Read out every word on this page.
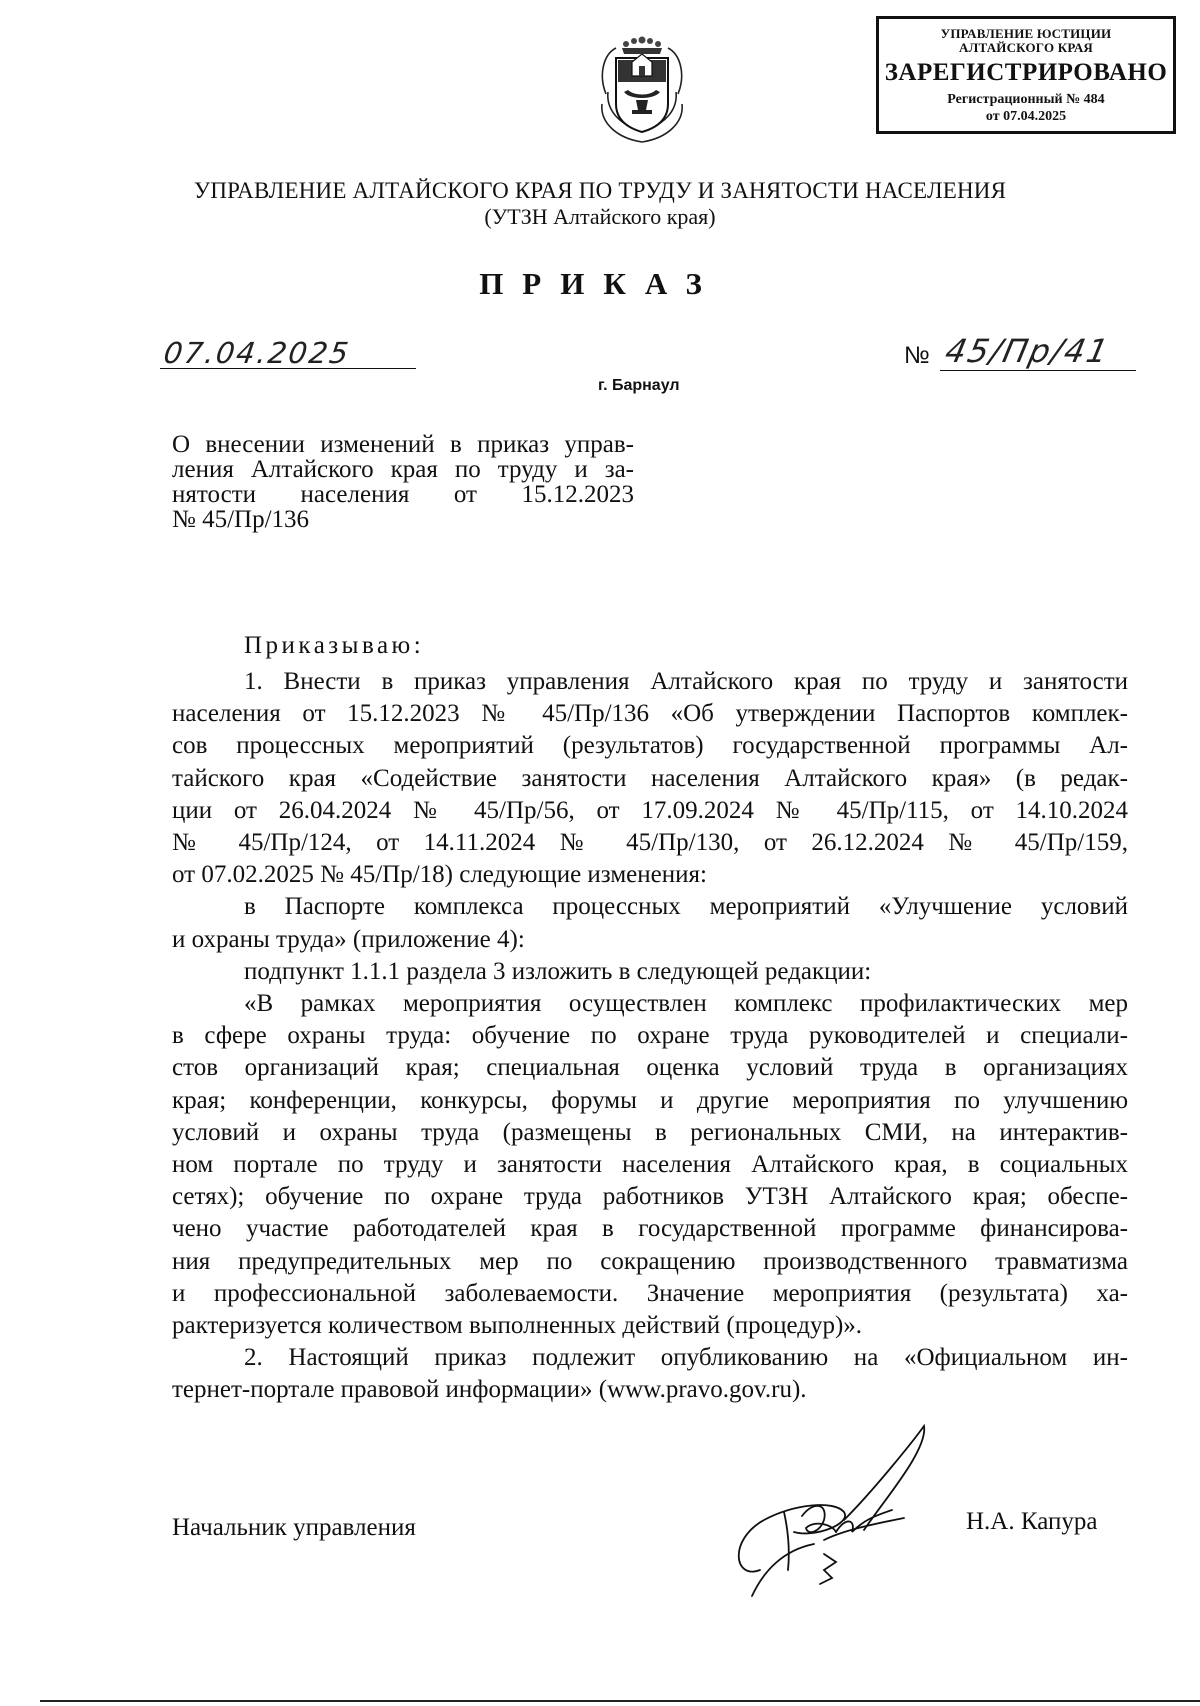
УПРАВЛЕНИЕ ЮСТИЦИИ
АЛТАЙСКОГО КРАЯ
ЗАРЕГИСТРИРОВАНО
Регистрационный № 484
от 07.04.2025
УПРАВЛЕНИЕ АЛТАЙСКОГО КРАЯ ПО ТРУДУ И ЗАНЯТОСТИ НАСЕЛЕНИЯ
(УТЗН Алтайского края)
ПРИКАЗ
07.04.2025	№ 45/Пр/41
г. Барнаул
О внесении изменений в приказ управ-
ления Алтайского края по труду и за-
нятости населения от 15.12.2023
№ 45/Пр/136
Приказываю:

1. Внести в приказ управления Алтайского края по труду и занятости
населения от 15.12.2023 № 45/Пр/136 «Об утверждении Паспортов комплек-
сов процессных мероприятий (результатов) государственной программы Ал-
тайского края «Содействие занятости населения Алтайского края» (в редак-
ции от 26.04.2024 № 45/Пр/56, от 17.09.2024 № 45/Пр/115, от 14.10.2024
№ 45/Пр/124, от 14.11.2024 № 45/Пр/130, от 26.12.2024 № 45/Пр/159,
от 07.02.2025 № 45/Пр/18) следующие изменения:

в Паспорте комплекса процессных мероприятий «Улучшение условий
и охраны труда» (приложение 4):

подпункт 1.1.1 раздела 3 изложить в следующей редакции:

«В рамках мероприятия осуществлен комплекс профилактических мер
в сфере охраны труда: обучение по охране труда руководителей и специали-
стов организаций края; специальная оценка условий труда в организациях
края; конференции, конкурсы, форумы и другие мероприятия по улучшению
условий и охраны труда (размещены в региональных СМИ, на интерактив-
ном портале по труду и занятости населения Алтайского края, в социальных
сетях); обучение по охране труда работников УТЗН Алтайского края; обеспе-
чено участие работодателей края в государственной программе финансирова-
ния предупредительных мер по сокращению производственного травматизма
и профессиональной заболеваемости. Значение мероприятия (результата) ха-
рактеризуется количеством выполненных действий (процедур)».

2. Настоящий приказ подлежит опубликованию на «Официальном ин-
тернет-портале правовой информации» (www.pravo.gov.ru).

Начальник управления	Н.А. Капура
